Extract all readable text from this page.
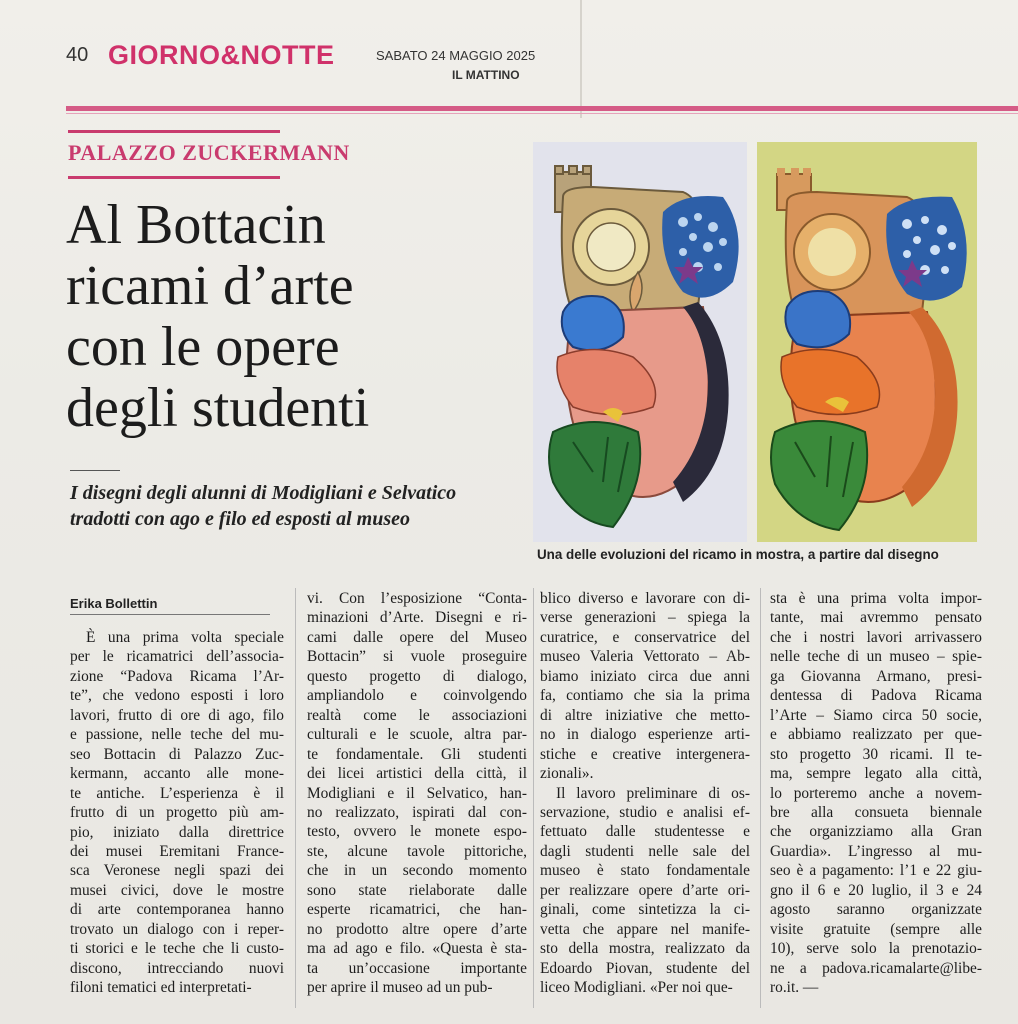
40 GIORNO&NOTTE	SABATO 24 MAGGIO 2025
IL MATTINO
PALAZZO ZUCKERMANN
Al Bottacin
ricami d’arte
con le opere
degli studenti
I disegni degli alunni di Modigliani e Selvatico
tradotti con ago e filo ed esposti al museo
Una delle evoluzioni del ricamo in mostra, a partire dal disegno
Erika Bollettin
È una prima volta speciale
per le ricamatrici dell’associa-
zione “Padova Ricama l’Ar-
te”, che vedono esposti i loro
lavori, frutto di ore di ago, filo
e passione, nelle teche del mu-
seo Bottacin di Palazzo Zuc-
kermann, accanto alle mone-
te antiche. L’esperienza è il
frutto di un progetto più am-
pio, iniziato dalla direttrice
dei musei Eremitani France-
sca Veronese negli spazi dei
musei civici, dove le mostre
di arte contemporanea hanno
trovato un dialogo con i reper-
ti storici e le teche che li custo-
discono, intrecciando nuovi
filoni tematici ed interpretati-
vi. Con l’esposizione “Conta-
minazioni d’Arte. Disegni e ri-
cami dalle opere del Museo
Bottacin” si vuole proseguire
questo progetto di dialogo,
ampliandolo e coinvolgendo
realtà come le associazioni
culturali e le scuole, altra par-
te fondamentale. Gli studenti
dei licei artistici della città, il
Modigliani e il Selvatico, han-
no realizzato, ispirati dal con-
testo, ovvero le monete espo-
ste, alcune tavole pittoriche,
che in un secondo momento
sono state rielaborate dalle
esperte ricamatrici, che han-
no prodotto altre opere d’arte
ma ad ago e filo. «Questa è sta-
ta un’occasione importante
per aprire il museo ad un pub-
blico diverso e lavorare con di-
verse generazioni – spiega la
curatrice, e conservatrice del
museo Valeria Vettorato – Ab-
biamo iniziato circa due anni
fa, contiamo che sia la prima
di altre iniziative che metto-
no in dialogo esperienze arti-
stiche e creative intergenera-
zionali».
Il lavoro preliminare di os-
servazione, studio e analisi ef-
fettuato dalle studentesse e
dagli studenti nelle sale del
museo è stato fondamentale
per realizzare opere d’arte ori-
ginali, come sintetizza la ci-
vetta che appare nel manife-
sto della mostra, realizzato da
Edoardo Piovan, studente del
liceo Modigliani. «Per noi que-
sta è una prima volta impor-
tante, mai avremmo pensato
che i nostri lavori arrivassero
nelle teche di un museo – spie-
ga Giovanna Armano, presi-
dentessa di Padova Ricama
l’Arte – Siamo circa 50 socie,
e abbiamo realizzato per que-
sto progetto 30 ricami. Il te-
ma, sempre legato alla città,
lo porteremo anche a novem-
bre alla consueta biennale
che organizziamo alla Gran
Guardia». L’ingresso al mu-
seo è a pagamento: l’1 e 22 giu-
gno il 6 e 20 luglio, il 3 e 24
agosto saranno organizzate
visite gratuite (sempre alle
10), serve solo la prenotazio-
ne a padova.ricamalarte@libe-
ro.it. —
